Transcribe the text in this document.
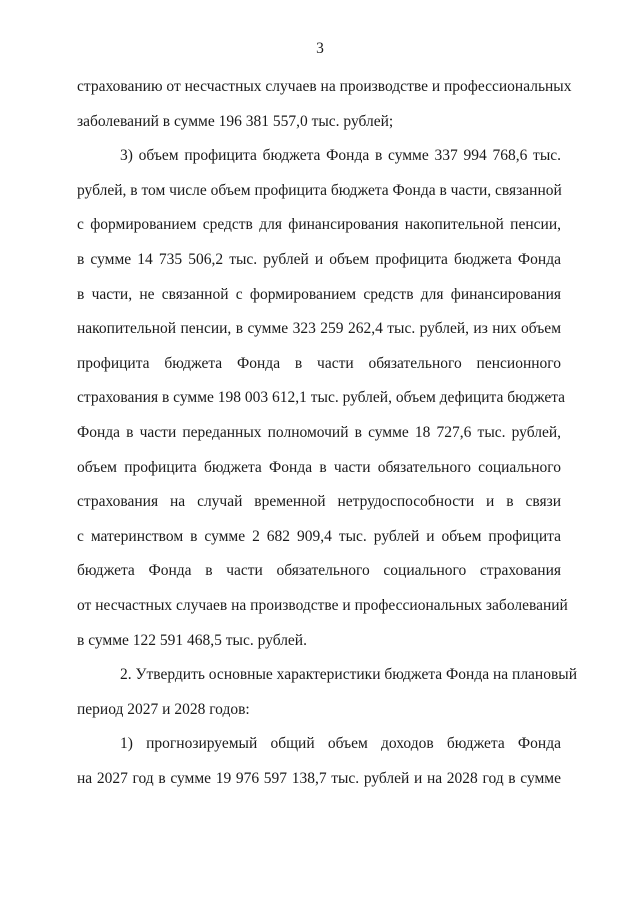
3
страхованию от несчастных случаев на производстве и профессиональных
заболеваний в сумме 196 381 557,0 тыс. рублей;
3) объем профицита бюджета Фонда в сумме 337 994 768,6 тыс.
рублей, в том числе объем профицита бюджета Фонда в части, связанной
с формированием средств для финансирования накопительной пенсии,
в сумме 14 735 506,2 тыс. рублей и объем профицита бюджета Фонда
в части, не связанной с формированием средств для финансирования
накопительной пенсии, в сумме 323 259 262,4 тыс. рублей, из них объем
профицита бюджета Фонда в части обязательного пенсионного
страхования в сумме 198 003 612,1 тыс. рублей, объем дефицита бюджета
Фонда в части переданных полномочий в сумме 18 727,6 тыс. рублей,
объем профицита бюджета Фонда в части обязательного социального
страхования на случай временной нетрудоспособности и в связи
с материнством в сумме 2 682 909,4 тыс. рублей и объем профицита
бюджета Фонда в части обязательного социального страхования
от несчастных случаев на производстве и профессиональных заболеваний
в сумме 122 591 468,5 тыс. рублей.
2. Утвердить основные характеристики бюджета Фонда на плановый
период 2027 и 2028 годов:
1) прогнозируемый общий объем доходов бюджета Фонда
на 2027 год в сумме 19 976 597 138,7 тыс. рублей и на 2028 год в сумме
